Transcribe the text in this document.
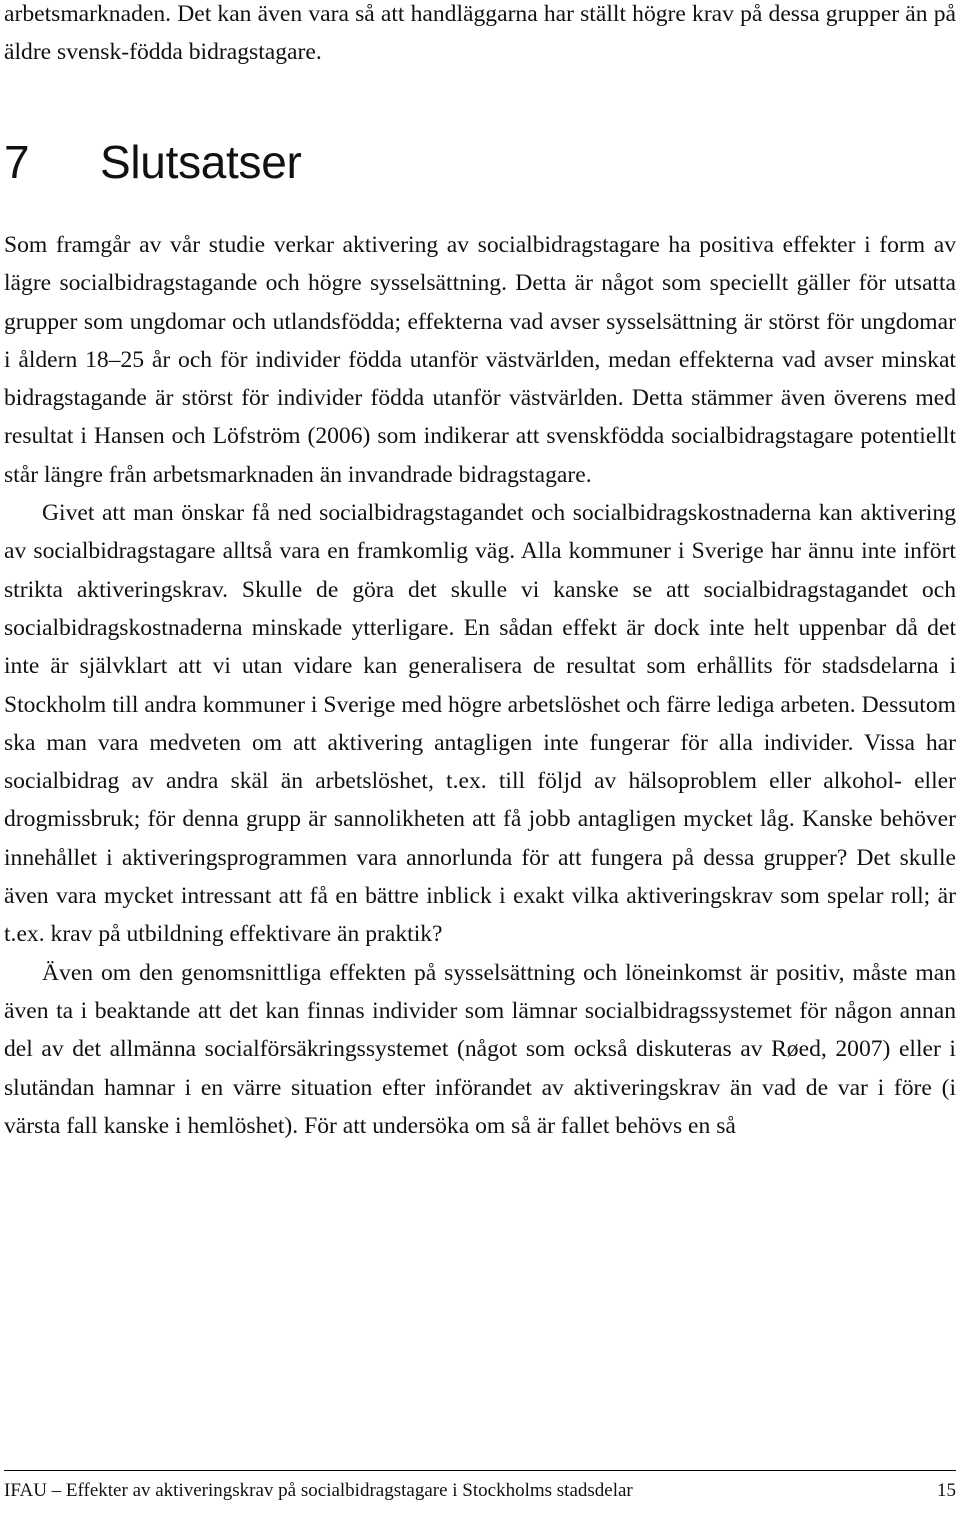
arbetsmarknaden. Det kan även vara så att handläggarna har ställt högre krav på dessa grupper än på äldre svensk-födda bidragstagare.

7 Slutsatser

Som framgår av vår studie verkar aktivering av socialbidragstagare ha positiva effekter i form av lägre socialbidragstagande och högre sysselsättning. Detta är något som speciellt gäller för utsatta grupper som ungdomar och utlandsfödda; effekterna vad avser sysselsättning är störst för ungdomar i åldern 18–25 år och för individer födda utanför västvärlden, medan effekterna vad avser minskat bidragstagande är störst för individer födda utanför västvärlden. Detta stämmer även överens med resultat i Hansen och Löfström (2006) som indikerar att svenskfödda socialbidragstagare potentiellt står längre från arbetsmarknaden än invandrade bidragstagare.

Givet att man önskar få ned socialbidragstagandet och socialbidragskostnaderna kan aktivering av socialbidragstagare alltså vara en framkomlig väg. Alla kommuner i Sverige har ännu inte infört strikta aktiveringskrav. Skulle de göra det skulle vi kanske se att socialbidragstagandet och socialbidragskostnaderna minskade ytterligare. En sådan effekt är dock inte helt uppenbar då det inte är självklart att vi utan vidare kan generalisera de resultat som erhållits för stadsdelarna i Stockholm till andra kommuner i Sverige med högre arbetslöshet och färre lediga arbeten. Dessutom ska man vara medveten om att aktivering antagligen inte fungerar för alla individer. Vissa har socialbidrag av andra skäl än arbetslöshet, t.ex. till följd av hälsoproblem eller alkohol- eller drogmissbruk; för denna grupp är sannolikheten att få jobb antagligen mycket låg. Kanske behöver innehållet i aktiveringsprogrammen vara annorlunda för att fungera på dessa grupper? Det skulle även vara mycket intressant att få en bättre inblick i exakt vilka aktiveringskrav som spelar roll; är t.ex. krav på utbildning effektivare än praktik?

Även om den genomsnittliga effekten på sysselsättning och löneinkomst är positiv, måste man även ta i beaktande att det kan finnas individer som lämnar socialbidragssystemet för någon annan del av det allmänna socialförsäkringssystemet (något som också diskuteras av Røed, 2007) eller i slutändan hamnar i en värre situation efter införandet av aktiveringskrav än vad de var i före (i värsta fall kanske i hemlöshet). För att undersöka om så är fallet behövs en så

IFAU – Effekter av aktiveringskrav på socialbidragstagare i Stockholms stadsdelar	15
